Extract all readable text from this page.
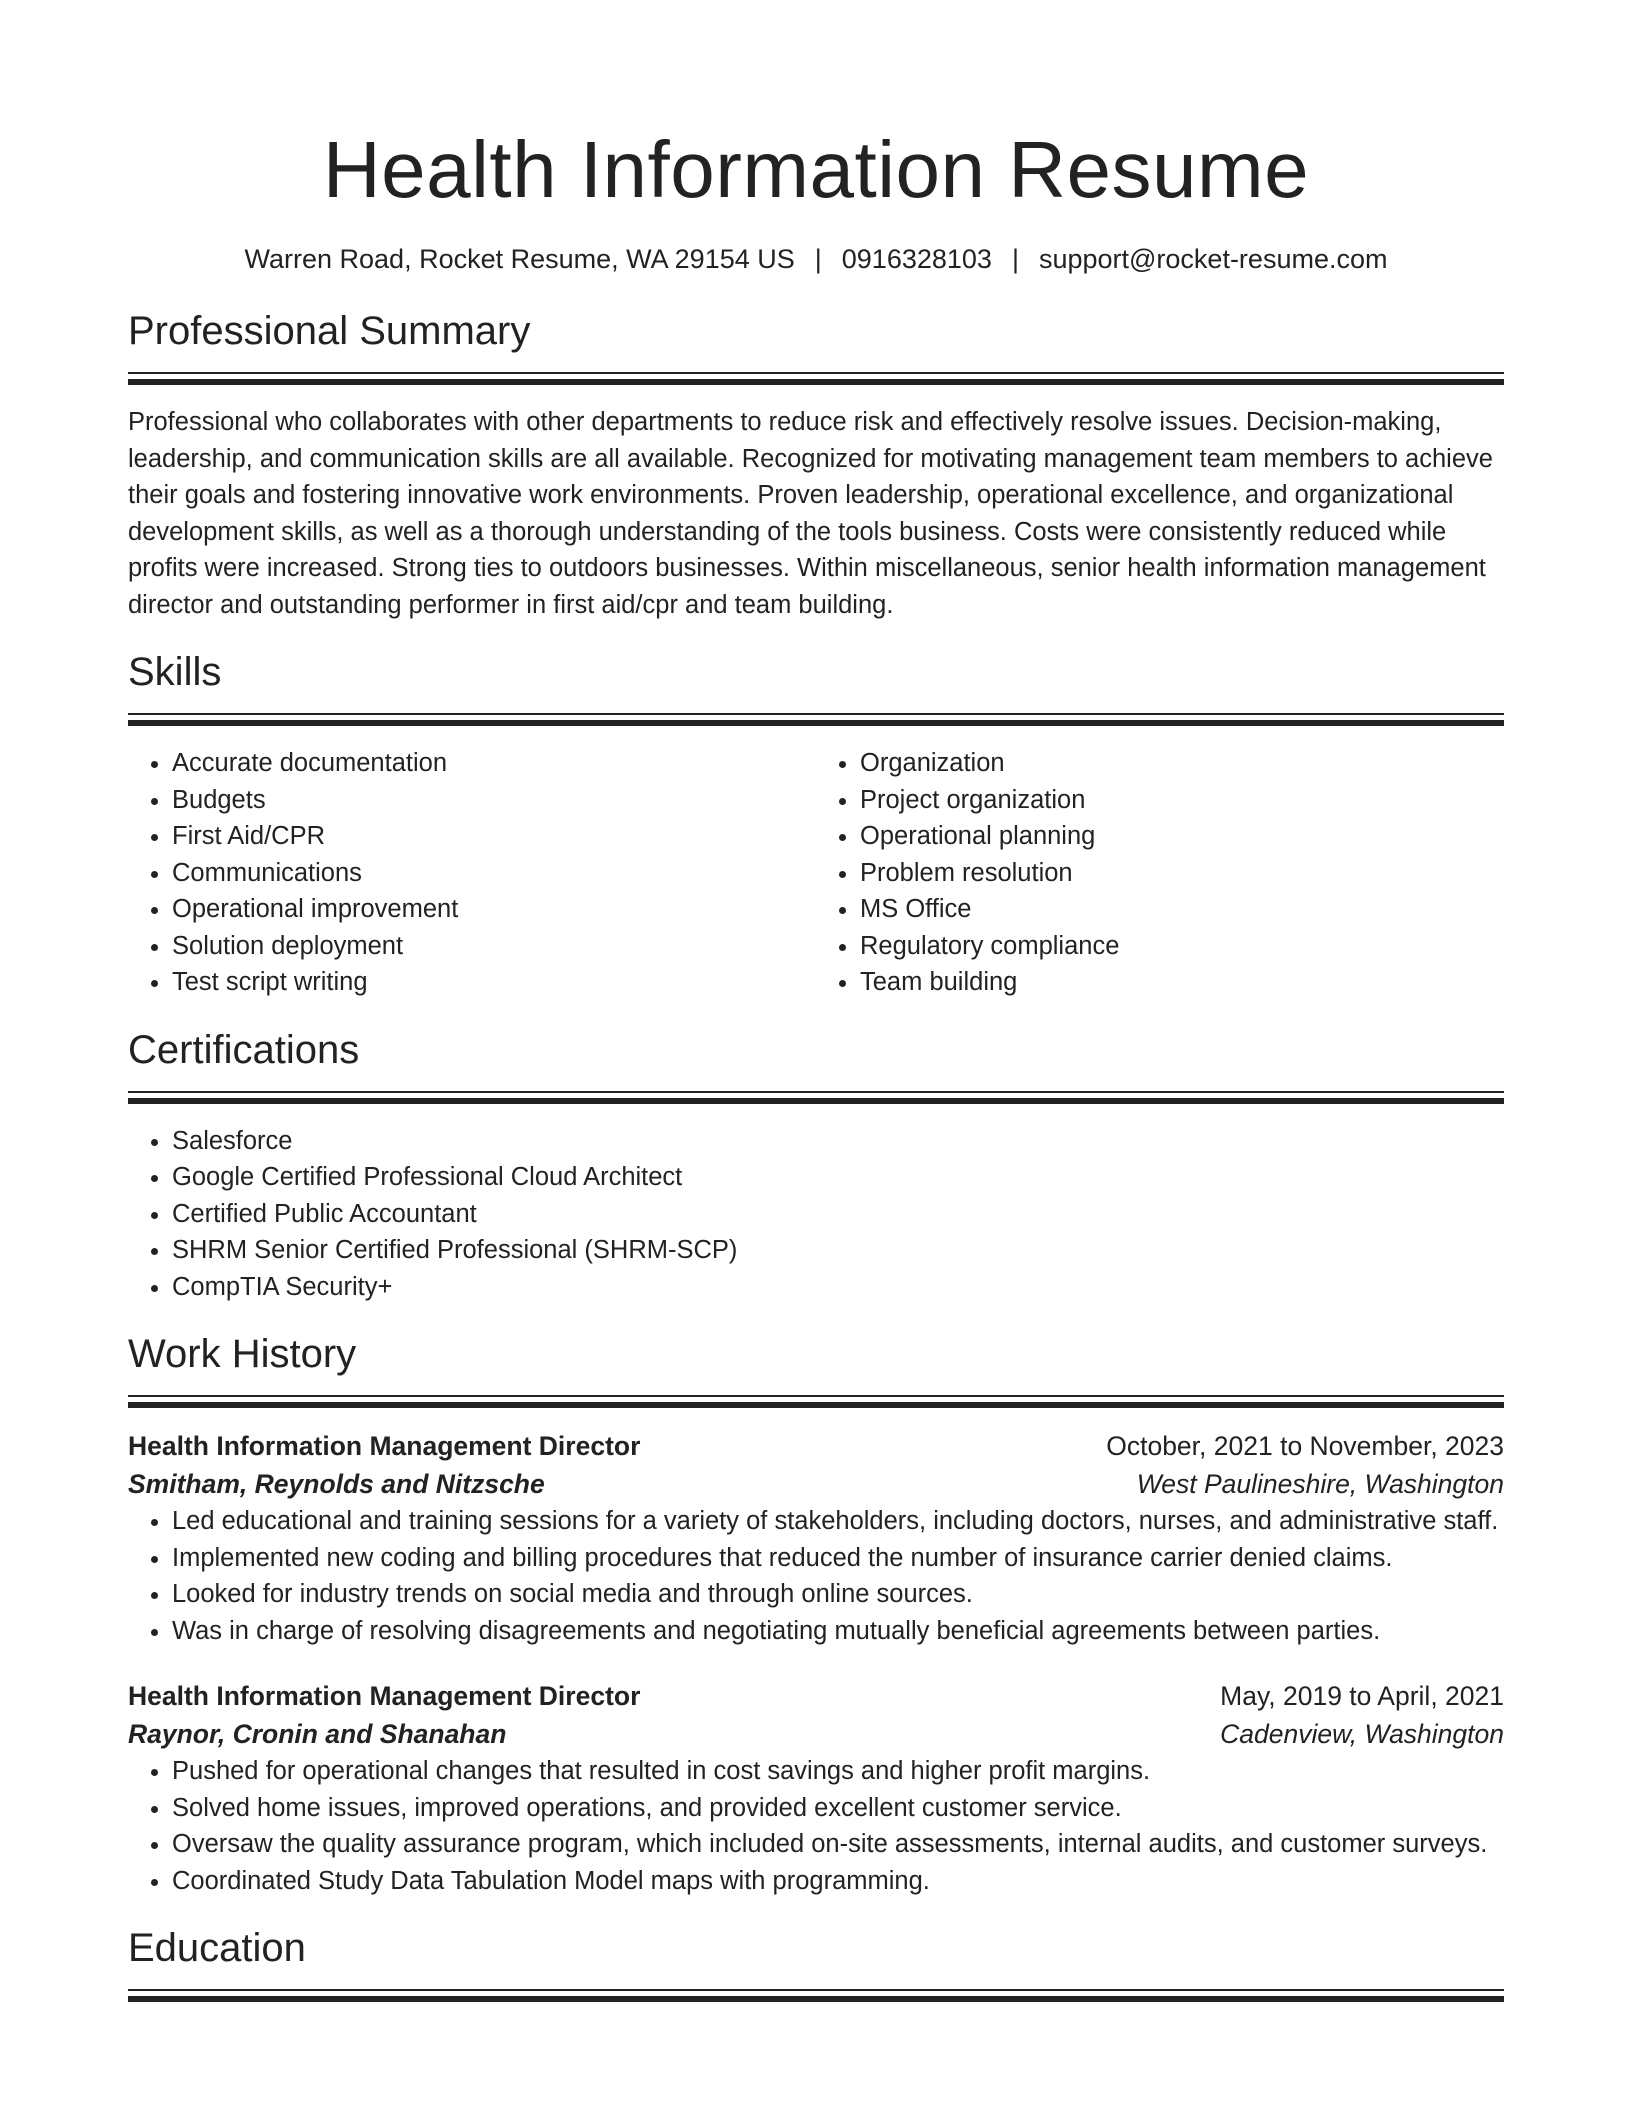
Health Information Resume
Warren Road, Rocket Resume, WA 29154 US | 0916328103 | support@rocket-resume.com
Professional Summary

Professional who collaborates with other departments to reduce risk and effectively resolve issues. Decision-making, leadership, and communication skills are all available. Recognized for motivating management team members to achieve their goals and fostering innovative work environments. Proven leadership, operational excellence, and organizational development skills, as well as a thorough understanding of the tools business. Costs were consistently reduced while profits were increased. Strong ties to outdoors businesses. Within miscellaneous, senior health information management director and outstanding performer in first aid/cpr and team building.

Skills
• Accurate documentation
• Budgets
• First Aid/CPR
• Communications
• Operational improvement
• Solution deployment
• Test script writing
• Organization
• Project organization
• Operational planning
• Problem resolution
• MS Office
• Regulatory compliance
• Team building
Certifications
• Salesforce
• Google Certified Professional Cloud Architect
• Certified Public Accountant
• SHRM Senior Certified Professional (SHRM-SCP)
• CompTIA Security+
Work History
Health Information Management Director	October, 2021 to November, 2023
Smitham, Reynolds and Nitzsche	West Paulineshire, Washington
• Led educational and training sessions for a variety of stakeholders, including doctors, nurses, and administrative staff.
• Implemented new coding and billing procedures that reduced the number of insurance carrier denied claims.
• Looked for industry trends on social media and through online sources.
• Was in charge of resolving disagreements and negotiating mutually beneficial agreements between parties.
Health Information Management Director	May, 2019 to April, 2021
Raynor, Cronin and Shanahan	Cadenview, Washington
• Pushed for operational changes that resulted in cost savings and higher profit margins.
• Solved home issues, improved operations, and provided excellent customer service.
• Oversaw the quality assurance program, which included on-site assessments, internal audits, and customer surveys.
• Coordinated Study Data Tabulation Model maps with programming.
Education
